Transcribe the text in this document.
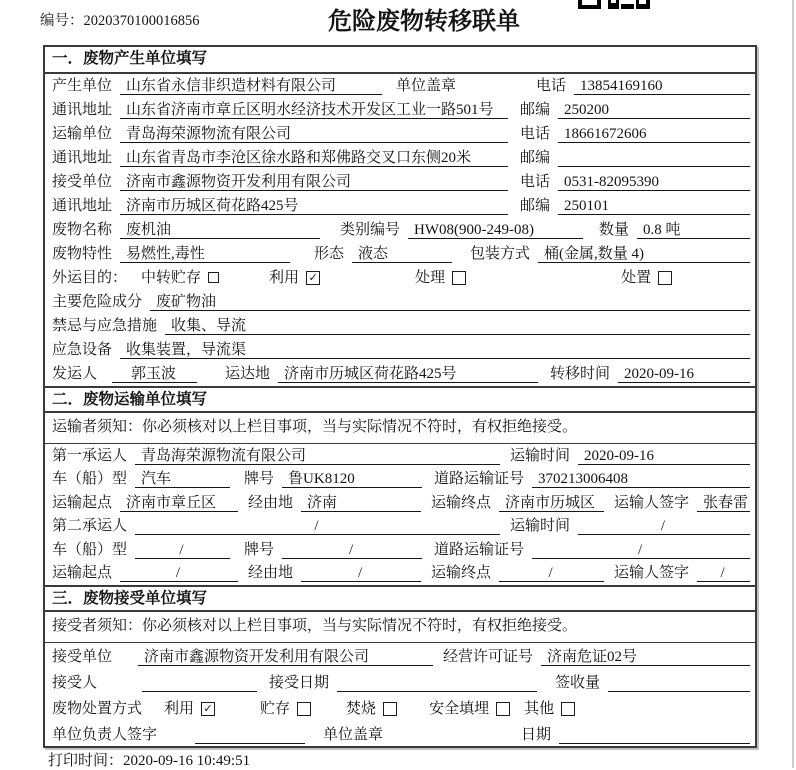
编号：2020370100016856	危险废物转移联单
一．废物产生单位填写
产生单位 山东省永信非织造材料有限公司	单位盖章	电话 13854169160
通讯地址 山东省济南市章丘区明水经济技术开发区工业一路501号	邮编 250200
运输单位 青岛海荣源物流有限公司	电话 18661672606
通讯地址 山东省青岛市李沧区徐水路和郑佛路交叉口东侧20米	邮编
接受单位 济南市鑫源物资开发利用有限公司	电话 0531-82095390
通讯地址 济南市历城区荷花路425号	邮编 250101
废物名称 废机油	类别编号 HW08(900-249-08)	数量 0.8 吨
废物特性 易燃性,毒性	形态 液态	包装方式 桶(金属,数量 4)
外运目的： 中转贮存	利用 ✓	处理	处置
主要危险成分 废矿物油
禁忌与应急措施 收集、导流
应急设备 收集装置，导流渠
发运人	郭玉波	运达地 济南市历城区荷花路425号	转移时间 2020-09-16
二．废物运输单位填写
运输者须知：你必须核对以上栏目事项，当与实际情况不符时，有权拒绝接受。
第一承运人 青岛海荣源物流有限公司	运输时间 2020-09-16
车（船）型 汽车	牌号 鲁UK8120	道路运输证号 370213006408
运输起点 济南市章丘区	经由地 济南	运输终点 济南市历城区	运输人签字 张春雷
第二承运人	/	运输时间	/
车（船）型	/	牌号	/	道路运输证号	/
运输起点	/	经由地	/	运输终点	/	运输人签字	/
三．废物接受单位填写
接受者须知：你必须核对以上栏目事项，当与实际情况不符时，有权拒绝接受。
接受单位	济南市鑫源物资开发利用有限公司	经营许可证号 济南危证02号
接受人	接受日期	签收量
废物处置方式 利用 ✓	贮存	焚烧	安全填埋 其他
单位负责人签字	单位盖章	日期
打印时间：2020-09-16 10:49:51
